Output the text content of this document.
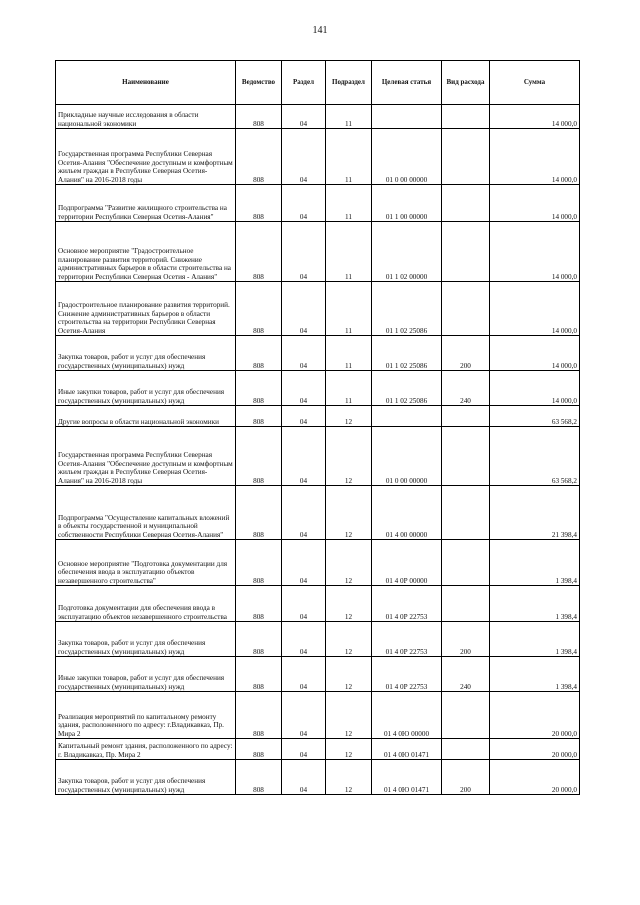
141
Наименование	Ведомство	Раздел	Подраздел	Целевая статья	Вид расхода	Сумма
Прикладные научные исследования в области национальной экономики	808	04	11			14 000,0
Государственная программа Республики Северная Осетия-Алания "Обеспечение доступным и комфортным жильем граждан в Республике Северная Осетия-Алания" на 2016-2018 годы	808	04	11	01 0 00 00000		14 000,0
Подпрограмма "Развитие жилищного строительства на территории Республики Северная Осетия-Алания"	808	04	11	01 1 00 00000		14 000,0
Основное мероприятие "Градостроительное планирование развития территорий. Снижение административных барьеров в области строительства на территории Республики Северная Осетия - Алания"	808	04	11	01 1 02 00000		14 000,0
Градостроительное планирование развития территорий. Снижение административных барьеров в области строительства на территории Республики Северная Осетия-Алания	808	04	11	01 1 02 25086		14 000,0
Закупка товаров, работ и услуг для обеспечения государственных (муниципальных) нужд	808	04	11	01 1 02 25086	200	14 000,0
Иные закупки товаров, работ и услуг для обеспечения государственных (муниципальных) нужд	808	04	11	01 1 02 25086	240	14 000,0
Другие вопросы в области национальной экономики	808	04	12			63 568,2
Государственная программа Республики Северная Осетия-Алания "Обеспечение доступным и комфортным жильем граждан в Республике Северная Осетия-Алания" на 2016-2018 годы	808	04	12	01 0 00 00000		63 568,2
Подпрограмма "Осуществление капитальных вложений в объекты государственной и муниципальной собственности Республики Северная Осетия-Алания"	808	04	12	01 4 00 00000		21 398,4
Основное мероприятие "Подготовка документации для обеспечения ввода в эксплуатацию объектов незавершенного строительства"	808	04	12	01 4 0Р 00000		1 398,4
Подготовка документации для обеспечения ввода в эксплуатацию объектов незавершенного строительства	808	04	12	01 4 0Р 22753		1 398,4
Закупка товаров, работ и услуг для обеспечения государственных (муниципальных) нужд	808	04	12	01 4 0Р 22753	200	1 398,4
Иные закупки товаров, работ и услуг для обеспечения государственных (муниципальных) нужд	808	04	12	01 4 0Р 22753	240	1 398,4
Реализация мероприятий по капитальному ремонту здания, расположенного по адресу: г.Владикавказ, Пр. Мира 2	808	04	12	01 4 0Ю 00000		20 000,0
Капитальный ремонт здания, расположенного по адресу: г. Владикавказ, Пр. Мира 2	808	04	12	01 4 0Ю 01471		20 000,0
Закупка товаров, работ и услуг для обеспечения государственных (муниципальных) нужд	808	04	12	01 4 0Ю 01471	200	20 000,0
